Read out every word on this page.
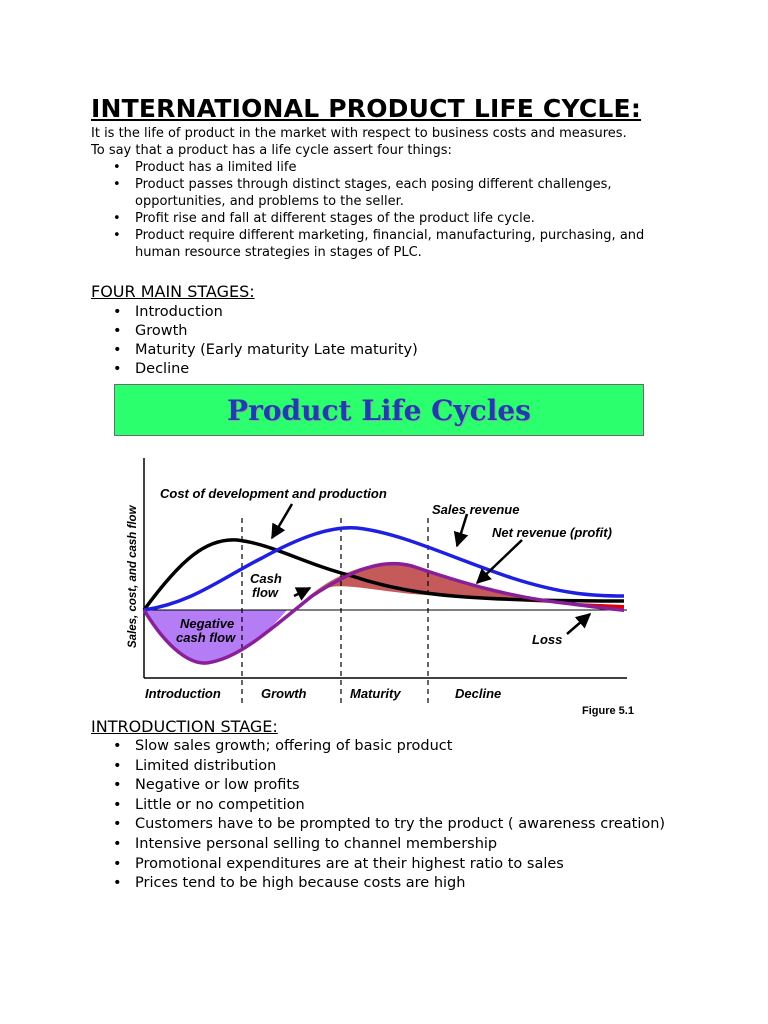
INTERNATIONAL PRODUCT LIFE CYCLE:

It is the life of product in the market with respect to business costs and measures.

To say that a product has a life cycle assert four things:

• Product has a limited life
• Product passes through distinct stages, each posing different challenges, opportunities, and problems to the seller.
• Profit rise and fall at different stages of the product life cycle.
• Product require different marketing, financial, manufacturing, purchasing, and human resource strategies in stages of PLC.
FOUR MAIN STAGES:
• Introduction
• Growth
• Maturity (Early maturity Late maturity)
• Decline
Product Life Cycles
Sales, cost, and cash flow
Cost of development and production
Sales revenue
Net revenue (profit)
Cash
flow
Negative
cash flow	Loss
Introduction	Growth	Maturity	Decline
Figure 5.1
INTRODUCTION STAGE:
• Slow sales growth; offering of basic product
• Limited distribution
• Negative or low profits
• Little or no competition
• Customers have to be prompted to try the product ( awareness creation)
• Intensive personal selling to channel membership
• Promotional expenditures are at their highest ratio to sales
• Prices tend to be high because costs are high
